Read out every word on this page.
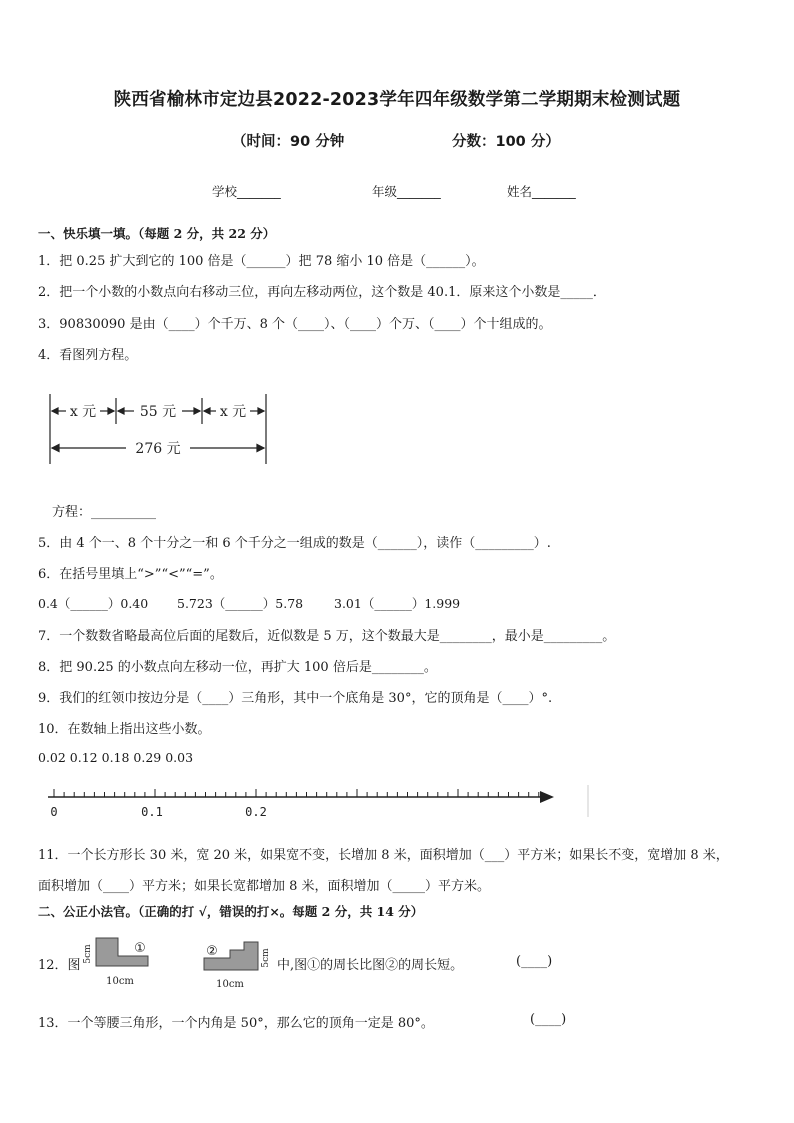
陕西省榆林市定边县2022-2023学年四年级数学第二学期期末检测试题
（时间：90 分钟	分数：100 分）
学校_______	年级_______	姓名_______
一、快乐填一填。（每题 2 分，共 22 分）
1．把 0.25 扩大到它的 100 倍是（______）把 78 缩小 10 倍是（______）。
2．把一个小数的小数点向右移动三位，再向左移动两位，这个数是 40.1．原来这个小数是_____．
3．90830090 是由（____）个千万、8 个（____）、（____）个万、（____）个十组成的。
4．看图列方程。
x 元	55 元	x 元
276 元
方程：__________
5．由 4 个一、8 个十分之一和 6 个千分之一组成的数是（______），读作（_________）.
6．在括号里填上“>”“<”“=”。
0.4（______）0.40 5.723（______）5.78 3.01（______）1.999
7．一个数数省略最高位后面的尾数后，近似数是 5 万，这个数最大是________，最小是_________。
8．把 90.25 的小数点向左移动一位，再扩大 100 倍后是________。
9．我们的红领巾按边分是（____）三角形，其中一个底角是 30°，它的顶角是（____）°.
10．在数轴上指出这些小数。
0.02 0.12 0.18 0.29 0.03
0	0.1	0.2
11．一个长方形长 30 米，宽 20 米，如果宽不变，长增加 8 米，面积增加（___）平方米；如果长不变，宽增加 8 米，
面积增加（____）平方米；如果长宽都增加 8 米，面积增加（_____）平方米。
二、公正小法官。（正确的打 √，错误的打×。每题 2 分，共 14 分）
12．图
①
5cm
10cm
②	5cm
10cm
中,图①的周长比图②的周长短。	(____)
13．一个等腰三角形，一个内角是 50°，那么它的顶角一定是 80°。	(____)
